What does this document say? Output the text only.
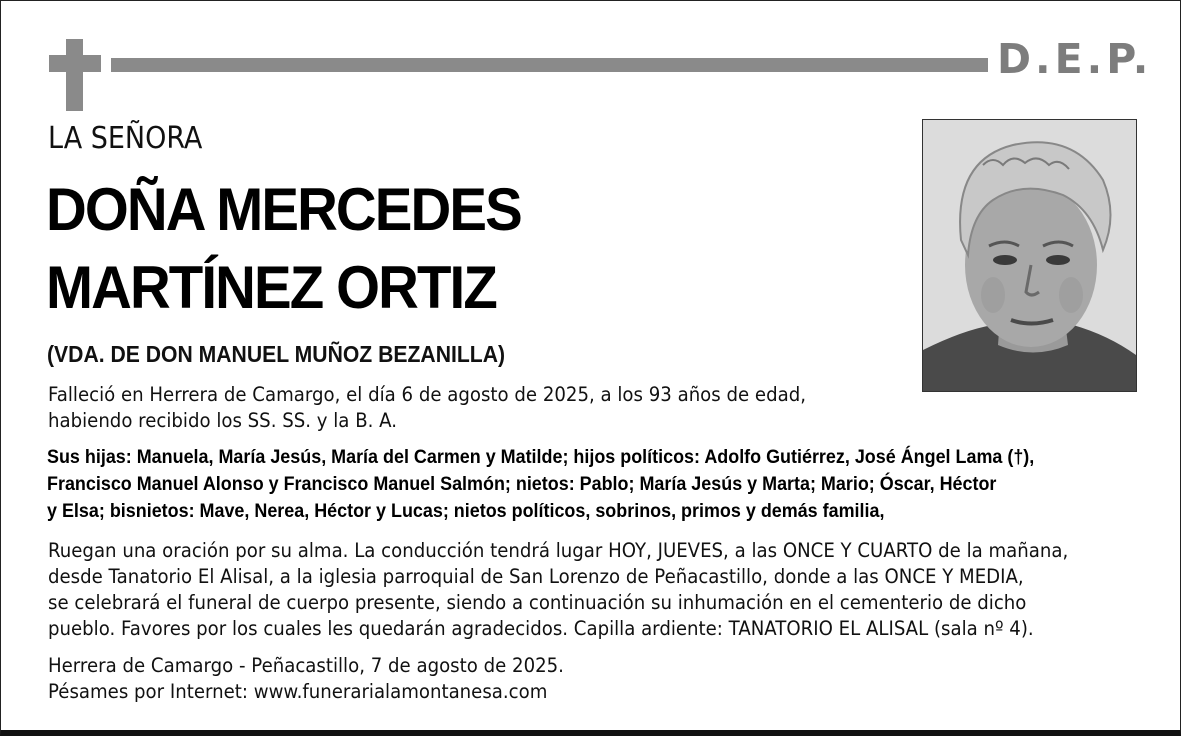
D.E.P.
LA SEÑORA
DOÑA MERCEDES
MARTÍNEZ ORTIZ
(VDA. DE DON MANUEL MUÑOZ BEZANILLA)
Falleció en Herrera de Camargo, el día 6 de agosto de 2025, a los 93 años de edad,
habiendo recibido los SS. SS. y la B. A.
Sus hijas: Manuela, María Jesús, María del Carmen y Matilde; hijos políticos: Adolfo Gutiérrez, José Ángel Lama (†),
Francisco Manuel Alonso y Francisco Manuel Salmón; nietos: Pablo; María Jesús y Marta; Mario; Óscar, Héctor
y Elsa; bisnietos: Mave, Nerea, Héctor y Lucas; nietos políticos, sobrinos, primos y demás familia,
Ruegan una oración por su alma. La conducción tendrá lugar HOY, JUEVES, a las ONCE Y CUARTO de la mañana,
desde Tanatorio El Alisal, a la iglesia parroquial de San Lorenzo de Peñacastillo, donde a las ONCE Y MEDIA,
se celebrará el funeral de cuerpo presente, siendo a continuación su inhumación en el cementerio de dicho
pueblo. Favores por los cuales les quedarán agradecidos. Capilla ardiente: TANATORIO EL ALISAL (sala nº 4).
Herrera de Camargo - Peñacastillo, 7 de agosto de 2025.
Pésames por Internet: www.funerarialamontanesa.com
